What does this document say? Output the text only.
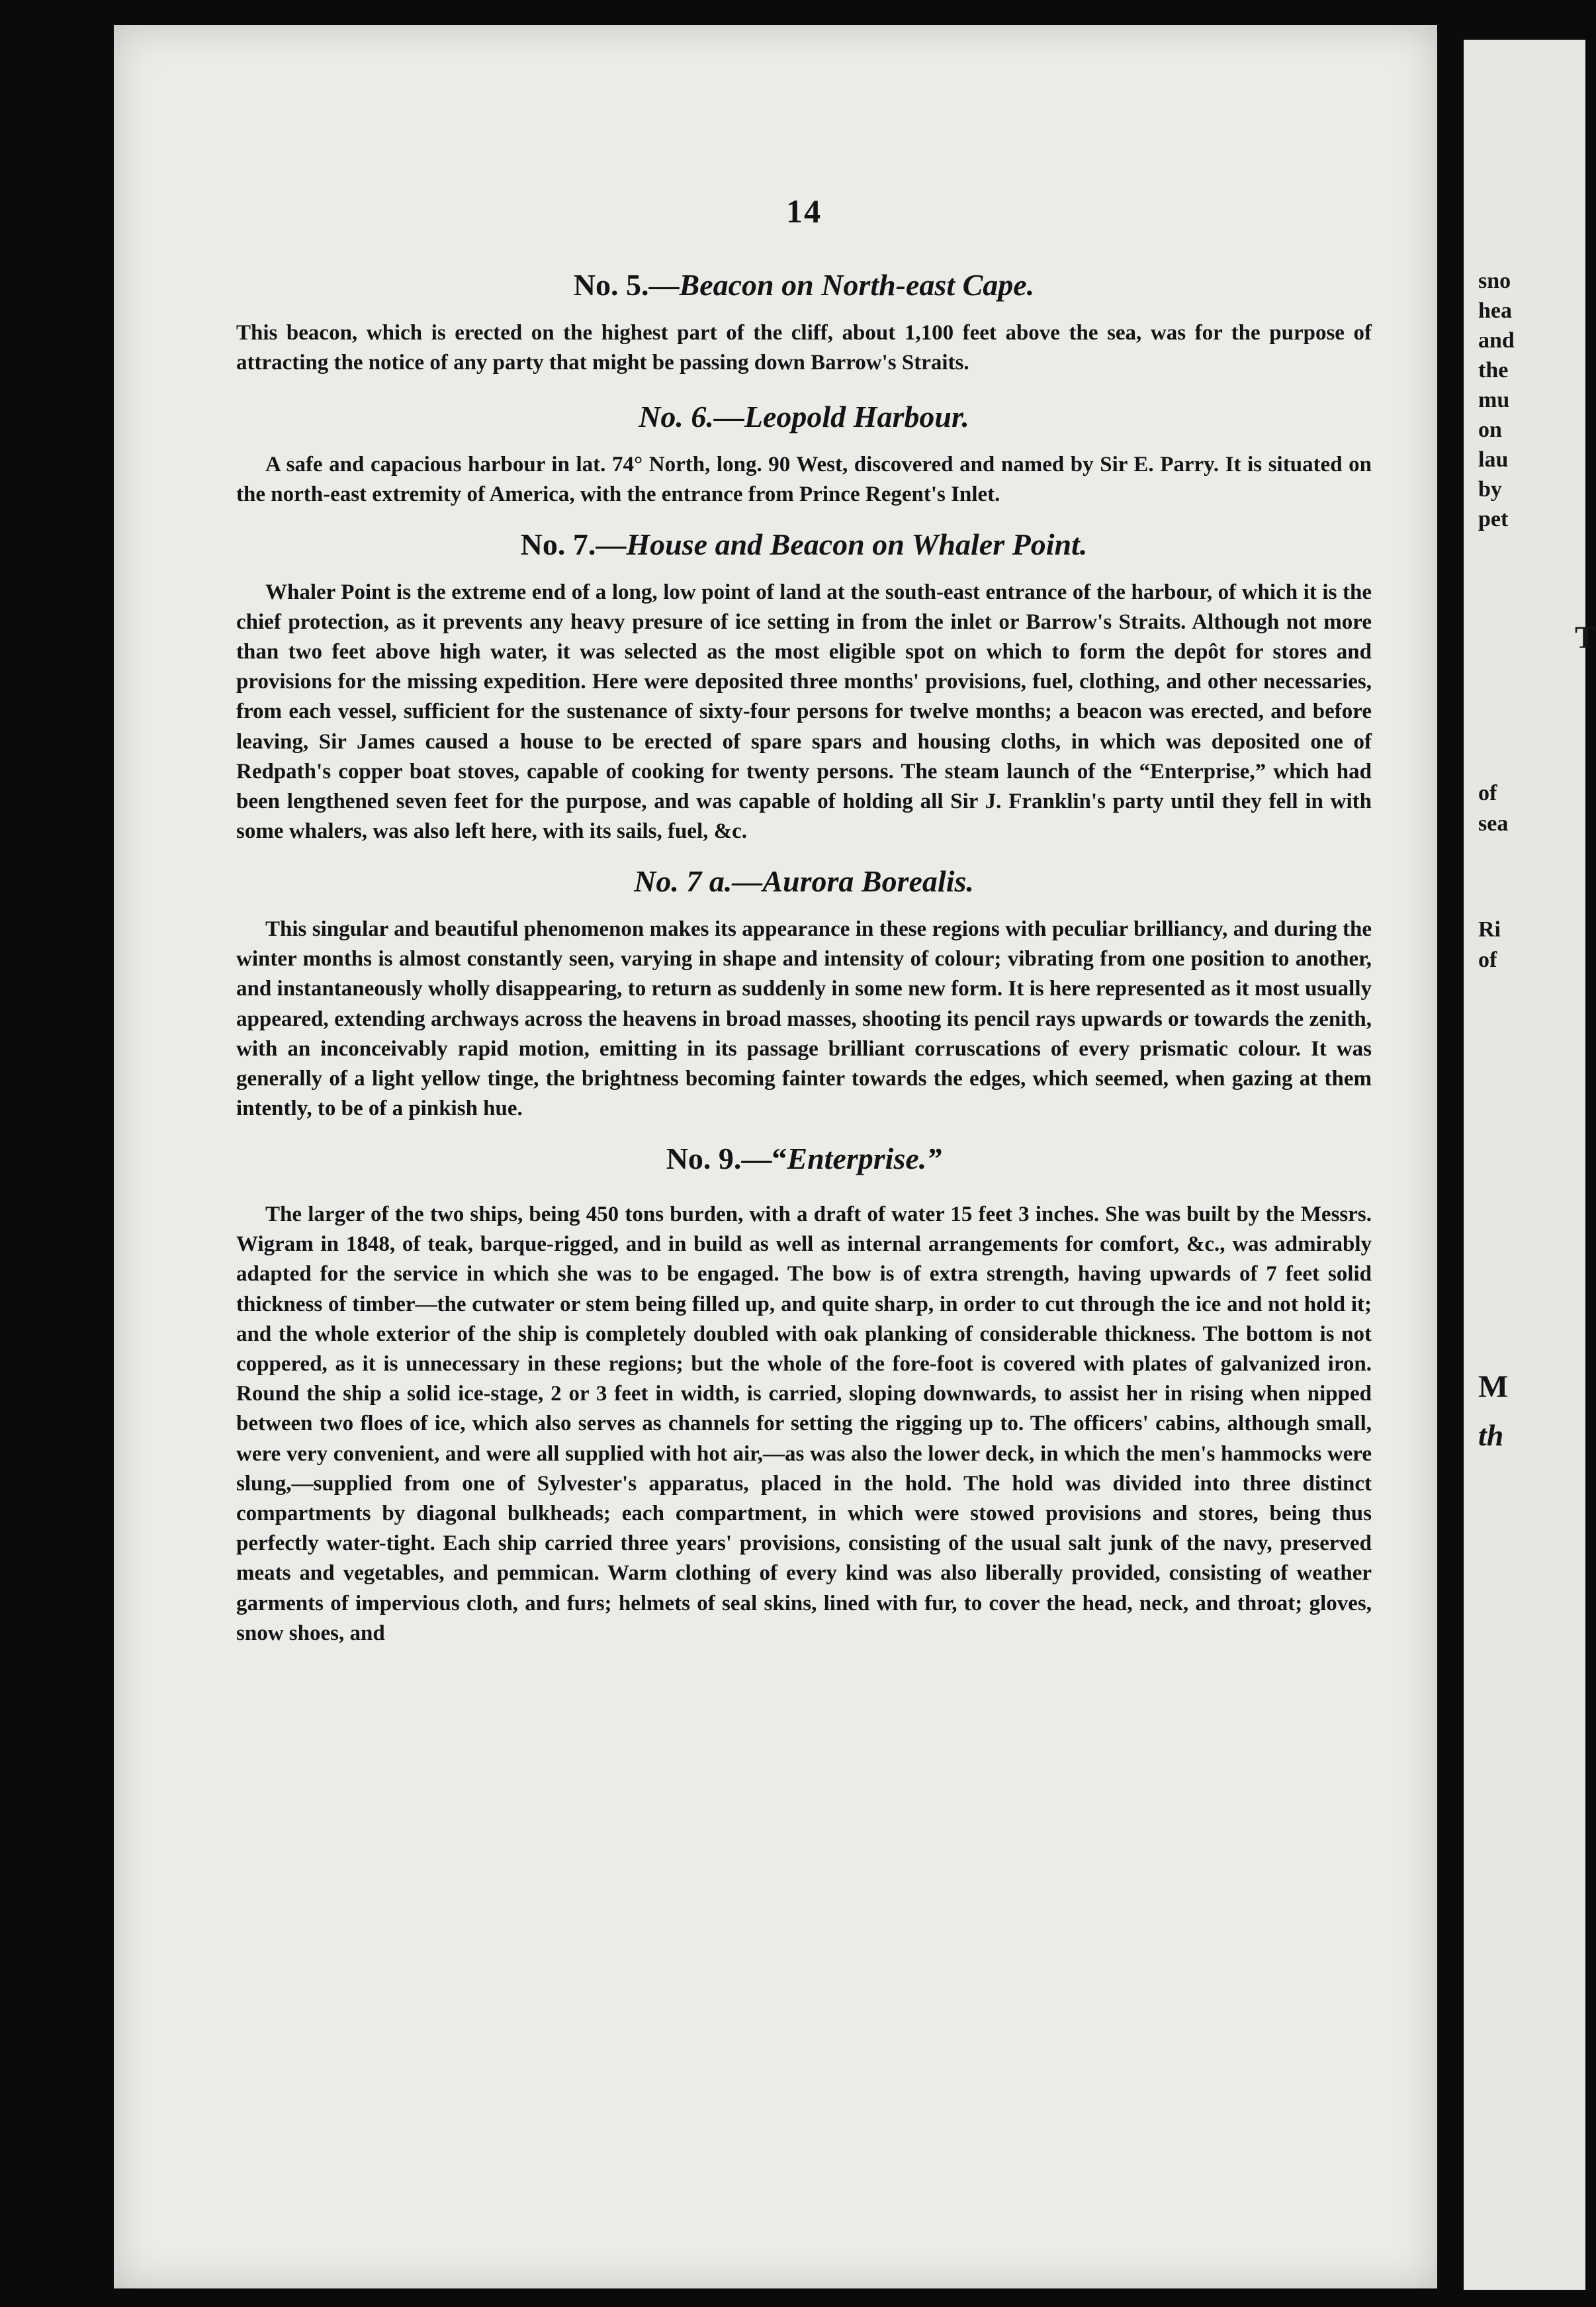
sno
hea
and
the
mu
on
lau
by
pet
T
of
sea
Ri
of
M
th
14
No. 5.—Beacon on North-east Cape.

This beacon, which is erected on the highest part of the cliff, about 1,100 feet above the sea, was for the purpose of attracting the notice of any party that might be passing down Barrow's Straits.

No. 6.—Leopold Harbour.

A safe and capacious harbour in lat. 74° North, long. 90 West, discovered and named by Sir E. Parry. It is situated on the north-east extremity of America, with the entrance from Prince Regent's Inlet.

No. 7.—House and Beacon on Whaler Point.

Whaler Point is the extreme end of a long, low point of land at the south-east entrance of the harbour, of which it is the chief protection, as it prevents any heavy presure of ice setting in from the inlet or Barrow's Straits. Although not more than two feet above high water, it was selected as the most eligible spot on which to form the depôt for stores and provisions for the missing expedition. Here were deposited three months' provisions, fuel, clothing, and other necessaries, from each vessel, sufficient for the sustenance of sixty-four persons for twelve months; a beacon was erected, and before leaving, Sir James caused a house to be erected of spare spars and housing cloths, in which was deposited one of Redpath's copper boat stoves, capable of cooking for twenty persons. The steam launch of the “Enterprise,” which had been lengthened seven feet for the purpose, and was capable of holding all Sir J. Franklin's party until they fell in with some whalers, was also left here, with its sails, fuel, &c.

No. 7 a.—Aurora Borealis.

This singular and beautiful phenomenon makes its appearance in these regions with peculiar brilliancy, and during the winter months is almost constantly seen, varying in shape and intensity of colour; vibrating from one position to another, and instantaneously wholly disappearing, to return as suddenly in some new form. It is here represented as it most usually appeared, extending archways across the heavens in broad masses, shooting its pencil rays upwards or towards the zenith, with an inconceivably rapid motion, emitting in its passage brilliant corruscations of every prismatic colour. It was generally of a light yellow tinge, the brightness becoming fainter towards the edges, which seemed, when gazing at them intently, to be of a pinkish hue.

No. 9.—“Enterprise.”

The larger of the two ships, being 450 tons burden, with a draft of water 15 feet 3 inches. She was built by the Messrs. Wigram in 1848, of teak, barque-rigged, and in build as well as internal arrangements for comfort, &c., was admirably adapted for the service in which she was to be engaged. The bow is of extra strength, having upwards of 7 feet solid thickness of timber—the cutwater or stem being filled up, and quite sharp, in order to cut through the ice and not hold it; and the whole exterior of the ship is completely doubled with oak planking of considerable thickness. The bottom is not coppered, as it is unnecessary in these regions; but the whole of the fore-foot is covered with plates of galvanized iron. Round the ship a solid ice-stage, 2 or 3 feet in width, is carried, sloping downwards, to assist her in rising when nipped between two floes of ice, which also serves as channels for setting the rigging up to. The officers' cabins, although small, were very convenient, and were all supplied with hot air,—as was also the lower deck, in which the men's hammocks were slung,—supplied from one of Sylvester's apparatus, placed in the hold. The hold was divided into three distinct compartments by diagonal bulkheads; each compartment, in which were stowed provisions and stores, being thus perfectly water-tight. Each ship carried three years' provisions, consisting of the usual salt junk of the navy, preserved meats and vegetables, and pemmican. Warm clothing of every kind was also liberally provided, consisting of weather garments of impervious cloth, and furs; helmets of seal skins, lined with fur, to cover the head, neck, and throat; gloves, snow shoes, and
